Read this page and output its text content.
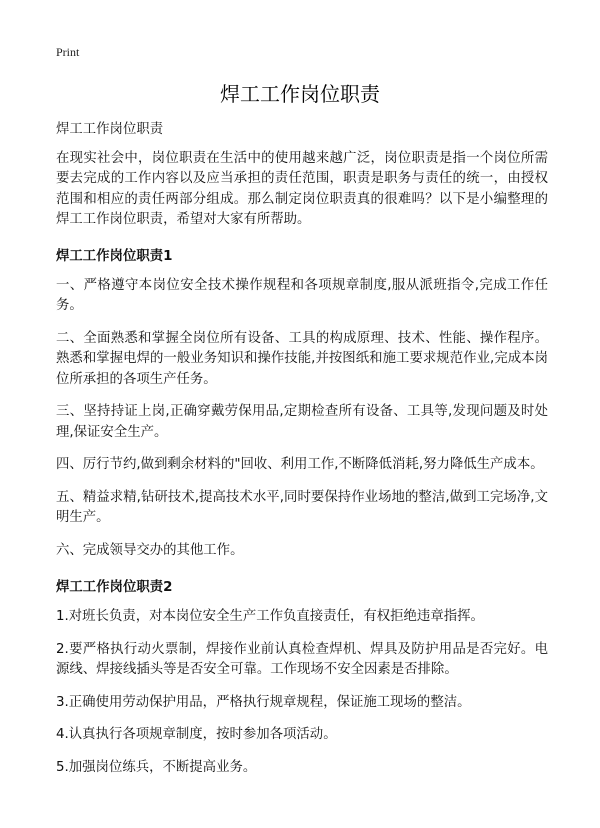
Print
焊工工作岗位职责

焊工工作岗位职责

在现实社会中，岗位职责在生活中的使用越来越广泛，岗位职责是指一个岗位所需要去完成的工作内容以及应当承担的责任范围，职责是职务与责任的统一，由授权范围和相应的责任两部分组成。那么制定岗位职责真的很难吗？以下是小编整理的焊工工作岗位职责，希望对大家有所帮助。

焊工工作岗位职责1

一、严格遵守本岗位安全技术操作规程和各项规章制度,服从派班指令,完成工作任务。

二、全面熟悉和掌握全岗位所有设备、工具的构成原理、技术、性能、操作程序。熟悉和掌握电焊的一般业务知识和操作技能,并按图纸和施工要求规范作业,完成本岗位所承担的各项生产任务。

三、坚持持证上岗,正确穿戴劳保用品,定期检查所有设备、工具等,发现问题及时处理,保证安全生产。

四、厉行节约,做到剩余材料的"回收、利用工作,不断降低消耗,努力降低生产成本。

五、精益求精,钻研技术,提高技术水平,同时要保持作业场地的整洁,做到工完场净,文明生产。

六、完成领导交办的其他工作。

焊工工作岗位职责2

1.对班长负责，对本岗位安全生产工作负直接责任，有权拒绝违章指挥。

2.要严格执行动火票制，焊接作业前认真检查焊机、焊具及防护用品是否完好。电源线、焊接线插头等是否安全可靠。工作现场不安全因素是否排除。

3.正确使用劳动保护用品，严格执行规章规程，保证施工现场的整洁。

4.认真执行各项规章制度，按时参加各项活动。

5.加强岗位练兵，不断提高业务。
